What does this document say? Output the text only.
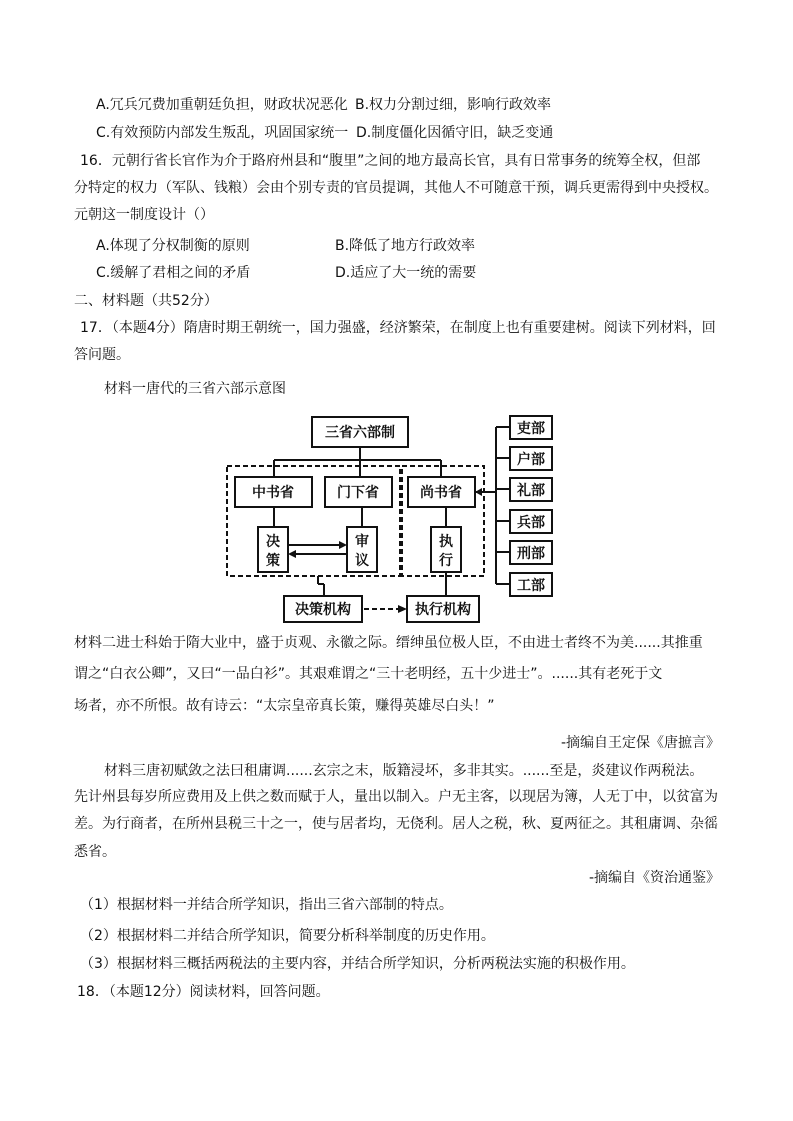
A.冗兵冗费加重朝廷负担，财政状况恶化 B.权力分割过细，影响行政效率
C.有效预防内部发生叛乱，巩固国家统一 D.制度僵化因循守旧，缺乏变通
16．元朝行省长官作为介于路府州县和“腹里”之间的地方最高长官，具有日常事务的统筹全权，但部
分特定的权力（军队、钱粮）会由个别专责的官员提调，其他人不可随意干预，调兵更需得到中央授权。
元朝这一制度设计（）
A.体现了分权制衡的原则	B.降低了地方行政效率
C.缓解了君相之间的矛盾	D.适应了大一统的需要
二、材料题（共52分）
17．（本题4分）隋唐时期王朝统一，国力强盛，经济繁荣，在制度上也有重要建树。阅读下列材料，回
答问题。
材料一唐代的三省六部示意图
三省六部制
中书省	门下省	尚书省
决
策
审
议
执
行
决策机构	执行机构
吏部
户部
礼部
兵部
刑部
工部
材料二进士科始于隋大业中，盛于贞观、永徽之际。缙绅虽位极人臣，不由进士者终不为美......其推重
谓之“白衣公卿”，又曰“一品白衫”。其艰难谓之“三十老明经，五十少进士”。......其有老死于文
场者，亦不所恨。故有诗云：“太宗皇帝真长策，赚得英雄尽白头！”
-摘编自王定保《唐摭言》
材料三唐初赋敛之法曰租庸调......玄宗之末，版籍浸坏，多非其实。......至是，炎建议作两税法。
先计州县每岁所应费用及上供之数而赋于人，量出以制入。户无主客，以现居为簿，人无丁中，以贫富为
差。为行商者，在所州县税三十之一，使与居者均，无侥利。居人之税，秋、夏两征之。其租庸调、杂徭
悉省。
-摘编自《资治通鉴》
（1）根据材料一并结合所学知识，指出三省六部制的特点。
（2）根据材料二并结合所学知识，简要分析科举制度的历史作用。
（3）根据材料三概括两税法的主要内容，并结合所学知识，分析两税法实施的积极作用。
18．（本题12分）阅读材料，回答问题。
